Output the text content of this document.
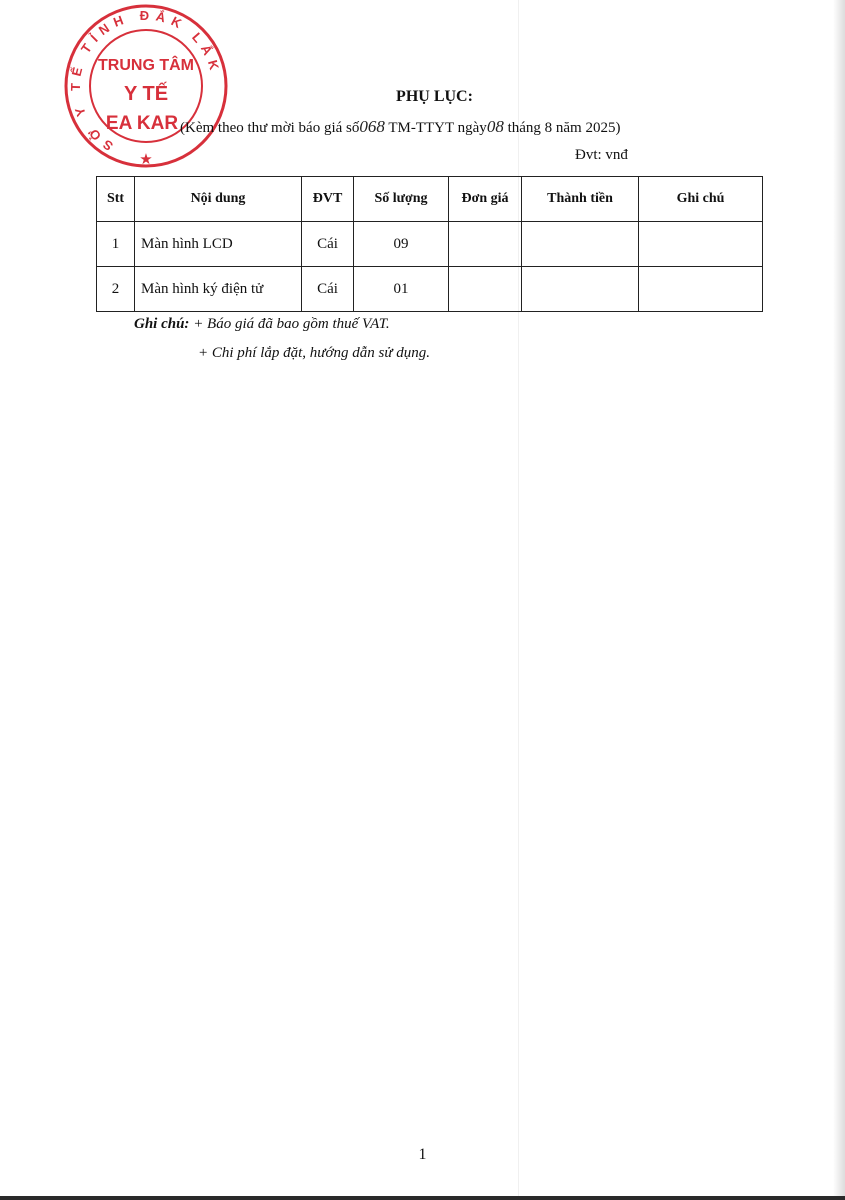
SỞ Y TẾ TỈNH ĐẮK LẮK
TRUNG TÂM
Y TẾ
EA KAR
★
PHỤ LỤC:
(Kèm theo thư mời báo giá số068 TM-TTYT ngày08 tháng 8 năm 2025)
Đvt: vnđ
Stt	Nội dung	ĐVT	Số lượng	Đơn giá	Thành tiền	Ghi chú
1	Màn hình LCD	Cái	09			
2	Màn hình ký điện tử	Cái	01			
Ghi chú: + Báo giá đã bao gồm thuế VAT.
+ Chi phí lắp đặt, hướng dẫn sử dụng.
1
